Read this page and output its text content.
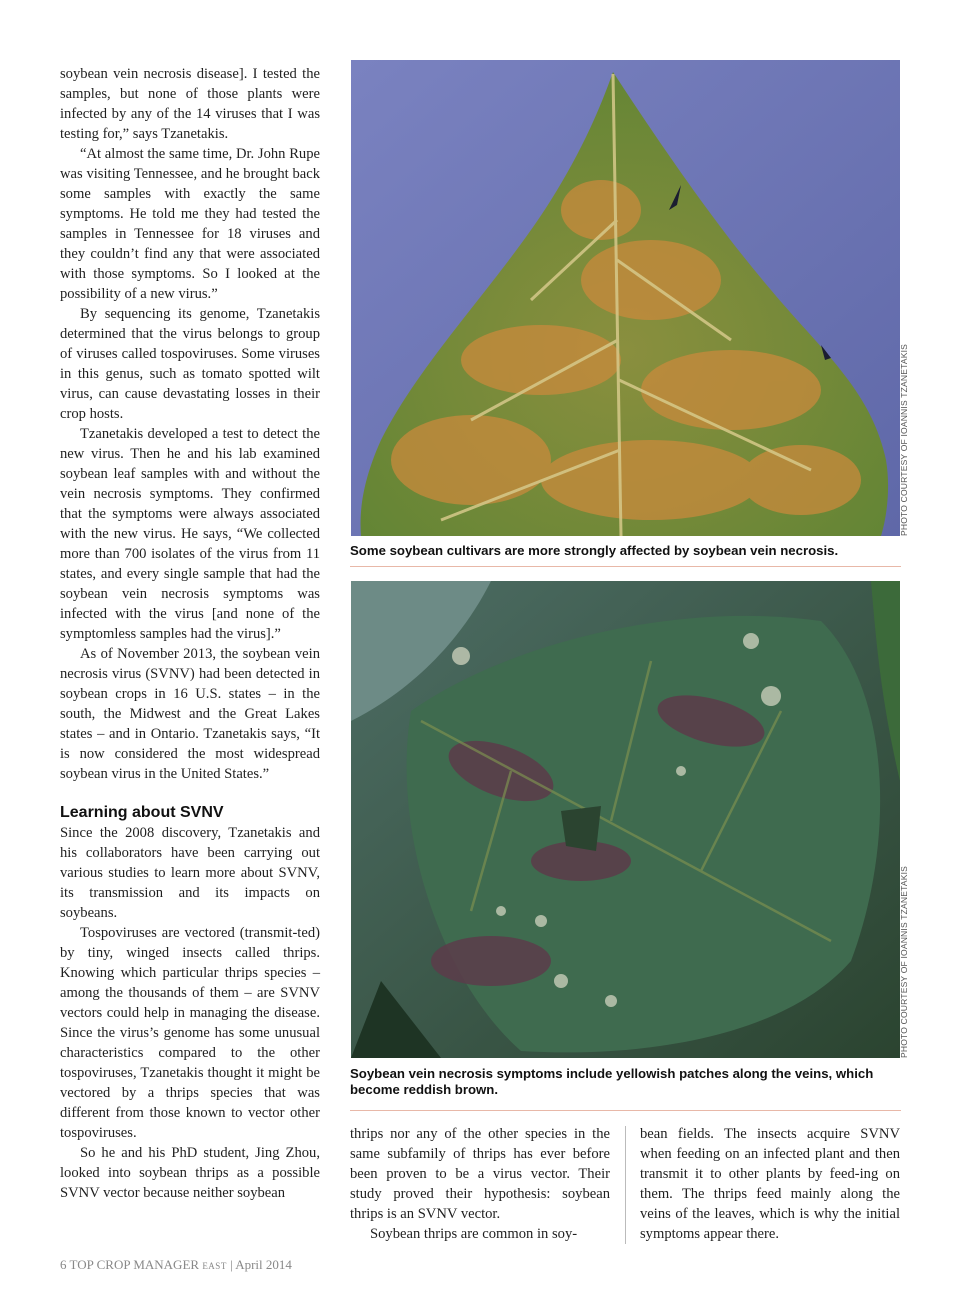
soybean vein necrosis disease]. I tested the samples, but none of those plants were infected by any of the 14 viruses that I was testing for,” says Tzanetakis.

“At almost the same time, Dr. John Rupe was visiting Tennessee, and he brought back some samples with exactly the same symptoms. He told me they had tested the samples in Tennessee for 18 viruses and they couldn’t find any that were associated with those symptoms. So I looked at the possibility of a new virus.”

By sequencing its genome, Tzanetakis determined that the virus belongs to group of viruses called tospoviruses. Some viruses in this genus, such as tomato spotted wilt virus, can cause devastating losses in their crop hosts.

Tzanetakis developed a test to detect the new virus. Then he and his lab examined soybean leaf samples with and without the vein necrosis symptoms. They confirmed that the symptoms were always associated with the new virus. He says, “We collected more than 700 isolates of the virus from 11 states, and every single sample that had the soybean vein necrosis symptoms was infected with the virus [and none of the symptomless samples had the virus].”

As of November 2013, the soybean vein necrosis virus (SVNV) had been detected in soybean crops in 16 U.S. states – in the south, the Midwest and the Great Lakes states – and in Ontario. Tzanetakis says, “It is now considered the most widespread soybean virus in the United States.”

Learning about SVNV

Since the 2008 discovery, Tzanetakis and his collaborators have been carrying out various studies to learn more about SVNV, its transmission and its impacts on soybeans.

Tospoviruses are vectored (transmit-ted) by tiny, winged insects called thrips. Knowing which particular thrips species – among the thousands of them – are SVNV vectors could help in managing the disease. Since the virus’s genome has some unusual characteristics compared to the other tospoviruses, Tzanetakis thought it might be vectored by a thrips species that was different from those known to vector other tospoviruses.

So he and his PhD student, Jing Zhou, looked into soybean thrips as a possible SVNV vector because neither soybean

PHOTO COURTESY OF IOANNIS TZANETAKIS
Some soybean cultivars are more strongly affected by soybean vein necrosis.
PHOTO COURTESY OF IOANNIS TZANETAKIS
Soybean vein necrosis symptoms include yellowish patches along the veins, which become reddish brown.

thrips nor any of the other species in the same subfamily of thrips has ever before been proven to be a virus vector. Their study proved their hypothesis: soybean thrips is an SVNV vector.

Soybean thrips are common in soy-

bean fields. The insects acquire SVNV when feeding on an infected plant and then transmit it to other plants by feed-ing on them. The thrips feed mainly along the veins of the leaves, which is why the initial symptoms appear there.

6 TOP CROP MANAGER EAST | April 2014
